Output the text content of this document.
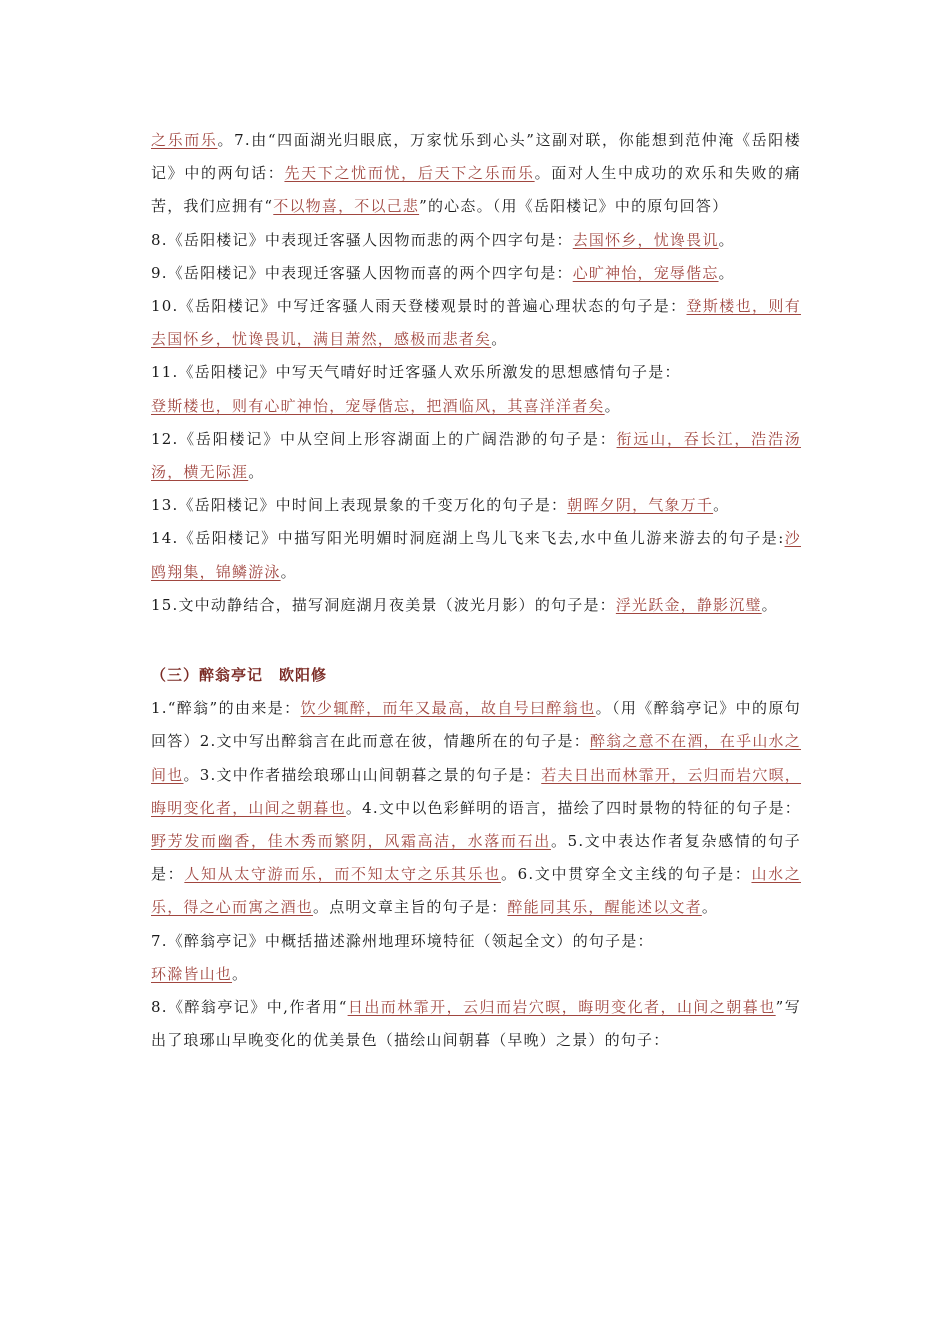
之乐而乐。7.由“四面湖光归眼底，万家忧乐到心头”这副对联，你能想到范仲淹《岳阳楼记》中的两句话：先天下之忧而忧，后天下之乐而乐。面对人生中成功的欢乐和失败的痛苦，我们应拥有“不以物喜，不以己悲”的心态。（用《岳阳楼记》中的原句回答）

8.《岳阳楼记》中表现迁客骚人因物而悲的两个四字句是：去国怀乡，忧谗畏讥。

9.《岳阳楼记》中表现迁客骚人因物而喜的两个四字句是：心旷神怡，宠辱偕忘。

10.《岳阳楼记》中写迁客骚人雨天登楼观景时的普遍心理状态的句子是：登斯楼也，则有去国怀乡，忧谗畏讥，满目萧然，感极而悲者矣。

11.《岳阳楼记》中写天气晴好时迁客骚人欢乐所激发的思想感情句子是：
登斯楼也，则有心旷神怡，宠辱偕忘，把酒临风，其喜洋洋者矣。

12.《岳阳楼记》中从空间上形容湖面上的广阔浩渺的句子是：衔远山，吞长江，浩浩汤汤，横无际涯。

13.《岳阳楼记》中时间上表现景象的千变万化的句子是：朝晖夕阴，气象万千。

14.《岳阳楼记》中描写阳光明媚时洞庭湖上鸟儿飞来飞去,水中鱼儿游来游去的句子是:沙鸥翔集，锦鳞游泳。

15.文中动静结合，描写洞庭湖月夜美景（波光月影）的句子是：浮光跃金，静影沉璧。

（三）醉翁亭记　欧阳修

1.“醉翁”的由来是：饮少辄醉，而年又最高，故自号曰醉翁也。（用《醉翁亭记》中的原句回答）2.文中写出醉翁言在此而意在彼，情趣所在的句子是：醉翁之意不在酒，在乎山水之间也。3.文中作者描绘琅琊山山间朝暮之景的句子是：若夫日出而林霏开，云归而岩穴暝，晦明变化者，山间之朝暮也。4.文中以色彩鲜明的语言，描绘了四时景物的特征的句子是：野芳发而幽香，佳木秀而繁阴，风霜高洁，水落而石出。5.文中表达作者复杂感情的句子是：人知从太守游而乐，而不知太守之乐其乐也。6.文中贯穿全文主线的句子是：山水之乐，得之心而寓之酒也。点明文章主旨的句子是：醉能同其乐，醒能述以文者。

7.《醉翁亭记》中概括描述滁州地理环境特征（领起全文）的句子是：
环滁皆山也。

8.《醉翁亭记》中,作者用“日出而林霏开，云归而岩穴暝，晦明变化者，山间之朝暮也”写出了琅琊山早晚变化的优美景色（描绘山间朝暮（早晚）之景）的句子：
